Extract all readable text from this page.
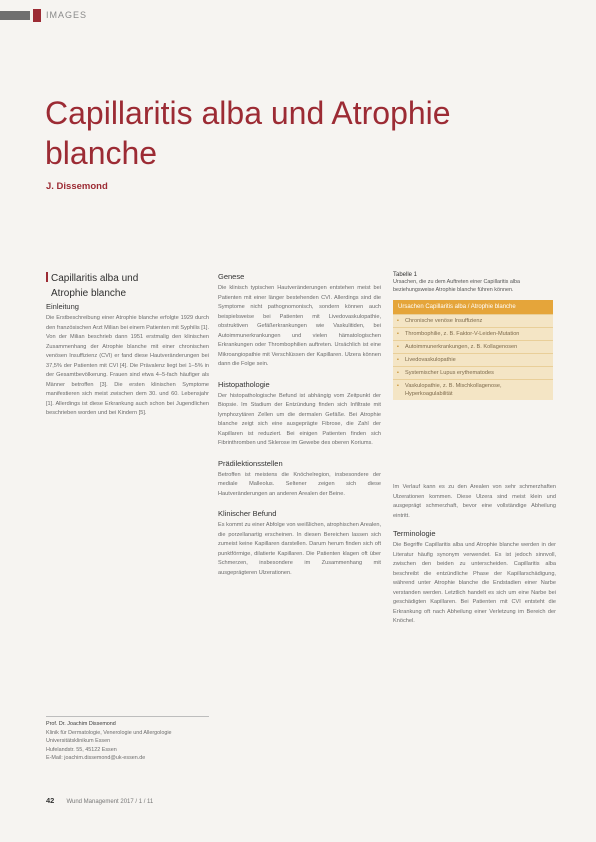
IMAGES
Capillaritis alba und Atrophie blanche
J. Dissemond

Capillaritis alba und

Atrophie blanche

Einleitung

Die Erstbeschreibung einer Atrophie blanche erfolgte 1929 durch den französischen Arzt Milian bei einem Patienten mit Syphilis [1]. Von der Milian beschrieb dann 1951 erstmalig den klinischen Zusammenhang der Atrophie blanche mit einer chronischen venösen Insuffizienz (CVI) er fand diese Hautveränderungen bei 37,5% der Patienten mit CVI [4]. Die Prävalenz liegt bei 1–5% in der Gesamtbevölkerung. Frauen sind etwa 4–5-fach häufiger als Männer betroffen [3]. Die ersten klinischen Symptome manifestieren sich meist zwischen dem 30. und 60. Lebensjahr [1]. Allerdings ist diese Erkrankung auch schon bei Jugendlichen beschrieben worden und bei Kindern [5].

Genese

Die klinisch typischen Hautveränderungen entstehen meist bei Patienten mit einer länger bestehenden CVI. Allerdings sind die Symptome nicht pathognomonisch, sondern können auch beispielsweise bei Patienten mit Livedovaskulopathie, obstruktiven Gefäßerkrankungen wie Vaskulitiden, bei Autoimmunerkrankungen und vielen hämatologischen Erkrankungen oder Thrombophilien auftreten. Ursächlich ist eine Mikroangiopathie mit Verschlüssen der Kapillaren. Ulzera können dann die Folge sein.

Histopathologie

Der histopathologische Befund ist abhängig vom Zeitpunkt der Biopsie. Im Stadium der Entzündung finden sich Infiltrate mit lymphozytären Zellen um die dermalen Gefäße. Bei Atrophie blanche zeigt sich eine ausgeprägte Fibrose, die Zahl der Kapillaren ist reduziert. Bei einigen Patienten finden sich Fibrinthromben und Sklerose im Gewebe des oberen Koriums.

Prädilektionsstellen

Betroffen ist meistens die Knöchelregion, insbesondere der mediale Malleolus. Seltener zeigen sich diese Hautveränderungen an anderen Arealen der Beine.

Klinischer Befund

Es kommt zu einer Abfolge von weißlichen, atrophischen Arealen, die porzellanartig erscheinen. In diesen Bereichen lassen sich zumeist keine Kapillaren darstellen. Darum herum finden sich oft punktförmige, dilatierte Kapillaren. Die Patienten klagen oft über Schmerzen, insbesondere im Zusammenhang mit ausgeprägteren Ulzerationen.

Tabelle 1
Ursachen, die zu dem Auftreten einer Capillaritis alba beziehungsweise Atrophie blanche führen können.
Ursachen Capillaritis alba / Atrophie blanche
▪ Chronische venöse Insuffizienz
▪ Thrombophilie, z. B. Faktor-V-Leiden-Mutation
▪ Autoimmunerkrankungen, z. B. Kollagenosen
▪ Livedovaskulopathie
▪ Systemischer Lupus erythematodes
▪ Vaskulopathie, z. B. Mischkollagenose, Hyperkoagulabilität

Im Verlauf kann es zu den Arealen von sehr schmerzhaften Ulzerationen kommen. Diese Ulzera sind meist klein und ausgeprägt schmerzhaft, bevor eine vollständige Abheilung eintritt.

Terminologie

Die Begriffe Capillaritis alba und Atrophie blanche werden in der Literatur häufig synonym verwendet. Es ist jedoch sinnvoll, zwischen den beiden zu unterscheiden. Capillaritis alba beschreibt die entzündliche Phase der Kapillarschädigung, während unter Atrophie blanche die Endstadien einer Narbe verstanden werden. Letztlich handelt es sich um eine Narbe bei geschädigten Kapillaren. Bei Patienten mit CVI entsteht die Erkrankung oft nach Abheilung einer Verletzung im Bereich der Knöchel.

Prof. Dr. Joachim Dissemond
Klinik für Dermatologie, Venerologie und Allergologie
Universitätsklinikum Essen
Hufelandstr. 55, 45122 Essen
E-Mail: joachim.dissemond@uk-essen.de
42 Wund Management 2017 / 1 / 11
